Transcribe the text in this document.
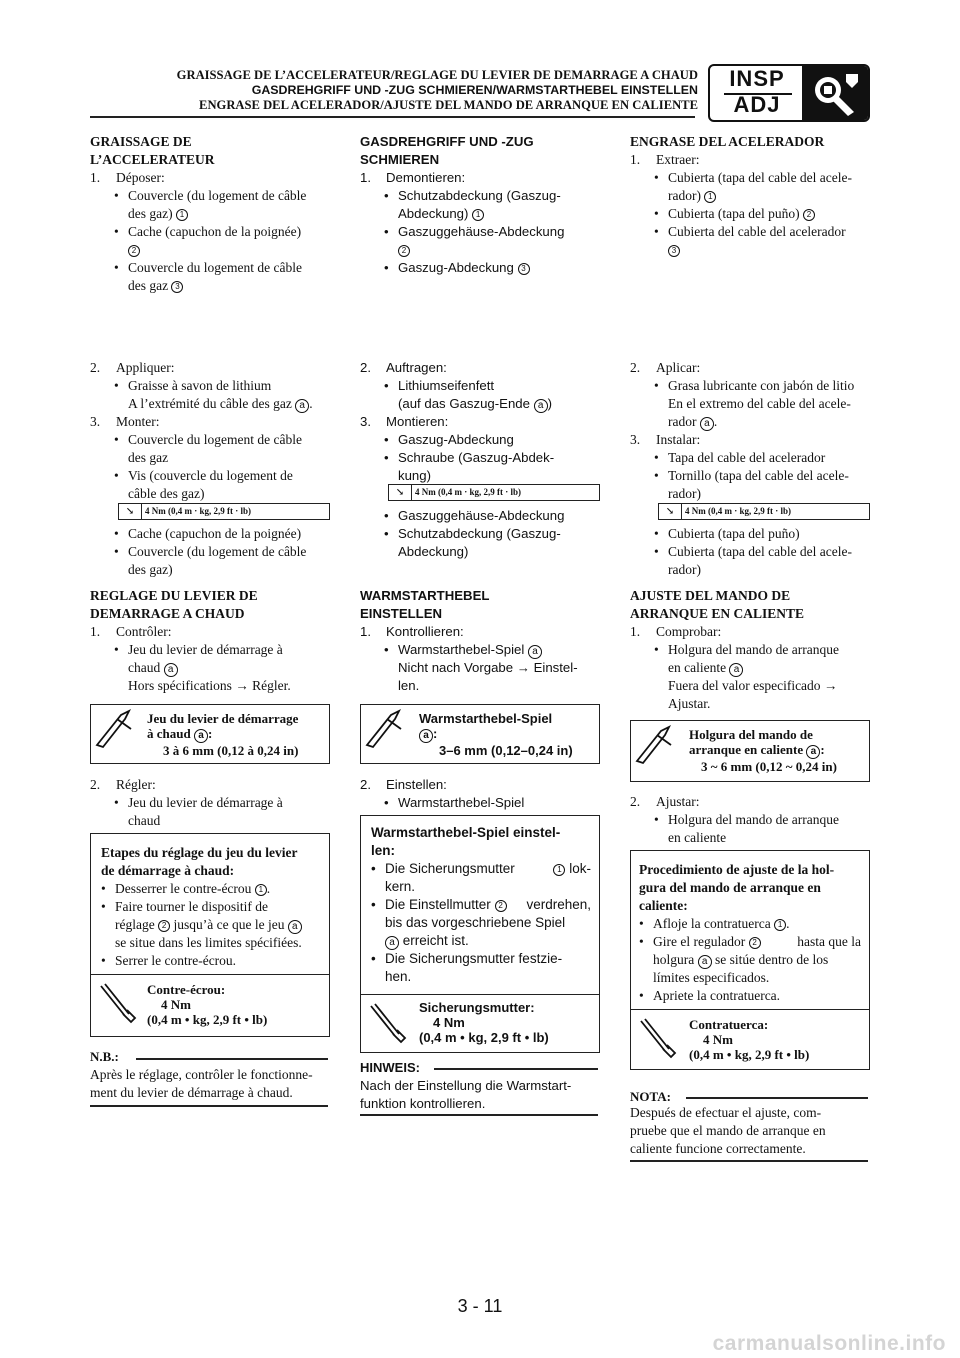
GRAISSAGE DE L’ACCELERATEUR/REGLAGE DU LEVIER DE DEMARRAGE A CHAUD
GASDREHGRIFF UND -ZUG SCHMIEREN/WARMSTARTHEBEL EINSTELLEN
ENGRASE DEL ACELERADOR/AJUSTE DEL MANDO DE ARRANQUE EN CALIENTE
INSP
ADJ

GRAISSAGE DE

L’ACCELERATEUR

1.	Déposer:
• Couvercle (du logement de câble
des gaz) 1
• Cache (capuchon de la poignée)
2
• Couvercle du logement de câble
des gaz 3
2.	Appliquer:
• Graisse à savon de lithium
A l’extrémité du câble des gaz a .
3.	Monter:
• Couvercle du logement de câble
des gaz
• Vis (couvercle du logement de
câble des gaz)
• Cache (capuchon de la poignée)
• Couvercle (du logement de câble
des gaz)
↘ 4 Nm (0,4 m · kg, 2,9 ft · lb)

REGLAGE DU LEVIER DE

DEMARRAGE A CHAUD

1.	Contrôler:
• Jeu du levier de démarrage à
chaud a
Hors spécifications → Régler.
Jeu du levier de démarrage
à chaud a :
3 à 6 mm (0,12 à 0,24 in)
2.	Régler:
• Jeu du levier de démarrage à
chaud
Etapes du réglage du jeu du levier
de démarrage à chaud:
• Desserrer le contre-écrou 1 .
• Faire tourner le dispositif de
réglage 2 jusqu’à ce que le jeu a
se situe dans les limites spécifiées.
• Serrer le contre-écrou.
Contre-écrou:
4 Nm
(0,4 m • kg, 2,9 ft • lb)
N.B.:
Après le réglage, contrôler le fonctionne-
ment du levier de démarrage à chaud.

GASDREHGRIFF UND -ZUG

SCHMIEREN

1.	Demontieren:
• Schutzabdeckung (Gaszug-
Abdeckung) 1
• Gaszuggehäuse-Abdeckung
2
• Gaszug-Abdeckung 3
2.	Auftragen:
• Lithiumseifenfett
(auf das Gaszug-Ende a )
3.	Montieren:
• Gaszug-Abdeckung
• Schraube (Gaszug-Abdek-
kung)
• Gaszuggehäuse-Abdeckung
• Schutzabdeckung (Gaszug-
Abdeckung)
↘ 4 Nm (0,4 m · kg, 2,9 ft · lb)

WARMSTARTHEBEL

EINSTELLEN

1.	Kontrollieren:
• Warmstarthebel-Spiel a
Nicht nach Vorgabe → Einstel-
len.
Warmstarthebel-Spiel
a :
3–6 mm (0,12–0,24 in)
2.	Einstellen:
• Warmstarthebel-Spiel
Warmstarthebel-Spiel einstel-
len:
• Die Sicherungsmutter	1 lok-
kern.
• Die Einstellmutter 2 verdrehen,
bis das vorgeschriebene Spiel
a erreicht ist.
• Die Sicherungsmutter festzie-
hen.
Sicherungsmutter:
4 Nm
(0,4 m • kg, 2,9 ft • lb)
HINWEIS:
Nach der Einstellung die Warmstart-
funktion kontrollieren.

ENGRASE DEL ACELERADOR

1.	Extraer:
• Cubierta (tapa del cable del acele-
rador) 1
• Cubierta (tapa del puño) 2
• Cubierta del cable del acelerador
3
2.	Aplicar:
• Grasa lubricante con jabón de litio
En el extremo del cable del acele-
rador a .
3.	Instalar:
• Tapa del cable del acelerador
• Tornillo (tapa del cable del acele-
rador)
• Cubierta (tapa del puño)
• Cubierta (tapa del cable del acele-
rador)
↘ 4 Nm (0,4 m · kg, 2,9 ft · lb)

AJUSTE DEL MANDO DE

ARRANQUE EN CALIENTE

1.	Comprobar:
• Holgura del mando de arranque
en caliente a
Fuera del valor especificado →
Ajustar.
Holgura del mando de
arranque en caliente a :
3 ~ 6 mm (0,12 ~ 0,24 in)
2.	Ajustar:
• Holgura del mando de arranque
en caliente
Procedimiento de ajuste de la hol-
gura del mando de arranque en
caliente:
• Afloje la contratuerca 1 .
• Gire el regulador 2	hasta que la
holgura a se sitúe dentro de los
límites especificados.
• Apriete la contratuerca.
Contratuerca:
4 Nm
(0,4 m • kg, 2,9 ft • lb)
NOTA:
Después de efectuar el ajuste, com-
pruebe que el mando de arranque en
caliente funcione correctamente.
3 - 11
carmanualsonline.info
